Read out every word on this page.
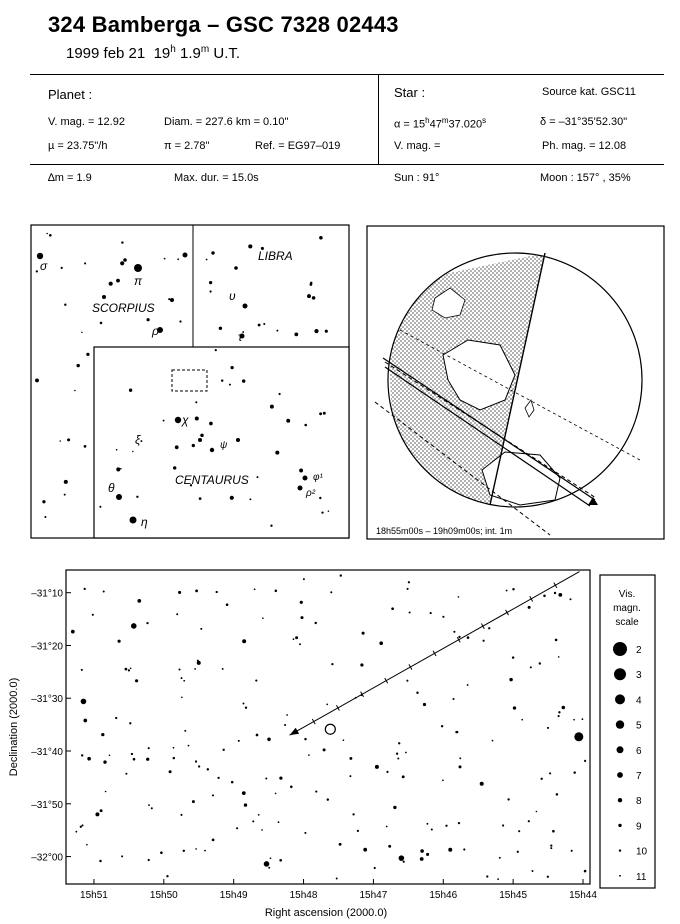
324 Bamberga – GSC 7328 02443
1999 feb 21 19$^h$ 1.9$^m$ U.T.
Planet :
V. mag. = 12.92	Diam. = 227.6 km = 0.10"
µ = 23.75"/h	π = 2.78"	Ref. = EG97–019
Star :	Source kat. GSC11
$\alpha = 15^h47^m37.020^s$	δ = –31°35'52.30"
V. mag. =	Ph. mag. = 12.08
∆m = 1.9	Max. dur. = 15.0s	Sun : 91°	Moon : 157° , 35%
LIBRA
SCORPIUS
CENTAURUS
σ
π
ρ
υ
τ
χ
ξ	ψ
θ
η
φ¹
ρ²
18h55m00s – 19h09m00s; int. 1m
15h51	15h50	15h49	15h48	15h47	15h46	15h45	15h44
–31°10
–31°20
–31°30
–31°40
–31°50
–32°00
Right ascension (2000.0)
Declination (2000.0)
Vis.
magn.
scale
2
3
4
5
6
7
8
9
10
11
